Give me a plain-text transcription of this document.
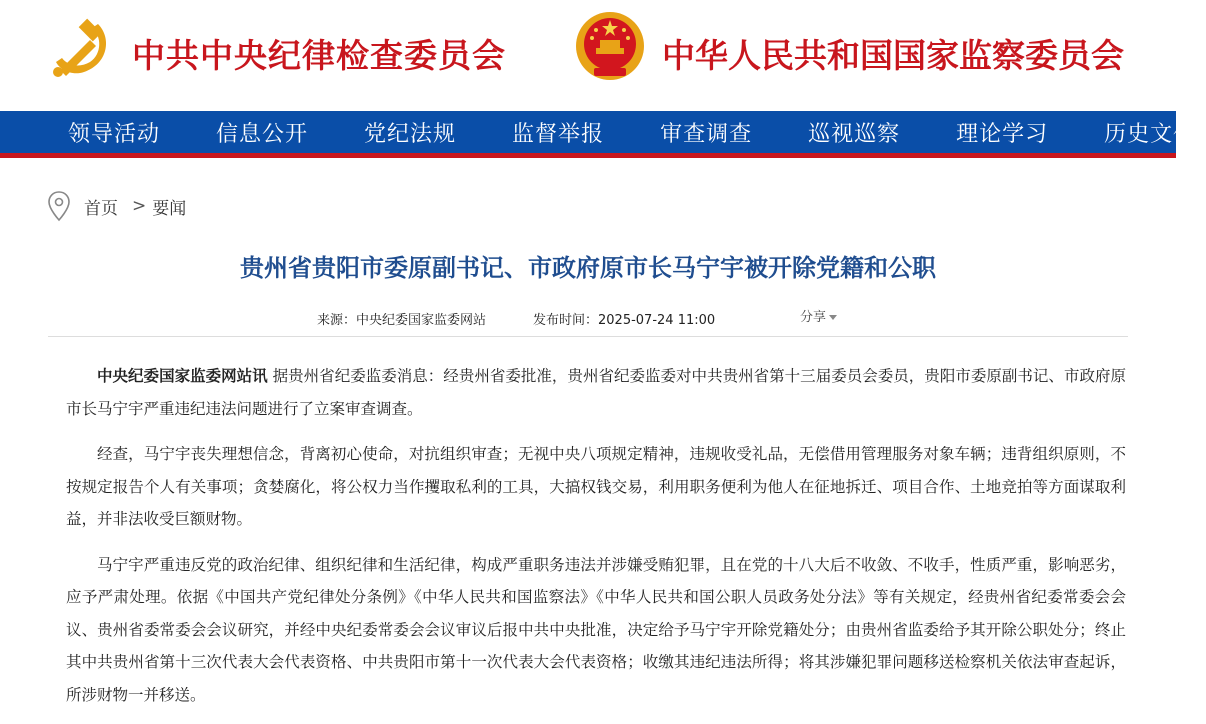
中共中央纪律检查委员会	中华人民共和国国家监察委员会
领导活动	信息公开	党纪法规	监督举报	审查调查	巡视巡察	理论学习	历史文化
首页 > 要闻
贵州省贵阳市委原副书记、市政府原市长马宁宇被开除党籍和公职
来源：中央纪委国家监委网站	发布时间：2025-07-24 11:00	分享

中央纪委国家监委网站讯 据贵州省纪委监委消息：经贵州省委批准，贵州省纪委监委对中共贵州省第十三届委员会委员，贵阳市委原副书记、市政府原市长马宁宇严重违纪违法问题进行了立案审查调查。

经查，马宁宇丧失理想信念，背离初心使命，对抗组织审查；无视中央八项规定精神，违规收受礼品，无偿借用管理服务对象车辆；违背组织原则，不按规定报告个人有关事项；贪婪腐化，将公权力当作攫取私利的工具，大搞权钱交易，利用职务便利为他人在征地拆迁、项目合作、土地竞拍等方面谋取利益，并非法收受巨额财物。

马宁宇严重违反党的政治纪律、组织纪律和生活纪律，构成严重职务违法并涉嫌受贿犯罪，且在党的十八大后不收敛、不收手，性质严重，影响恶劣，应予严肃处理。依据《中国共产党纪律处分条例》《中华人民共和国监察法》《中华人民共和国公职人员政务处分法》等有关规定，经贵州省纪委常委会会议、贵州省委常委会会议研究，并经中央纪委常委会会议审议后报中共中央批准，决定给予马宁宇开除党籍处分；由贵州省监委给予其开除公职处分；终止其中共贵州省第十三次代表大会代表资格、中共贵阳市第十一次代表大会代表资格；收缴其违纪违法所得；将其涉嫌犯罪问题移送检察机关依法审查起诉，所涉财物一并移送。
